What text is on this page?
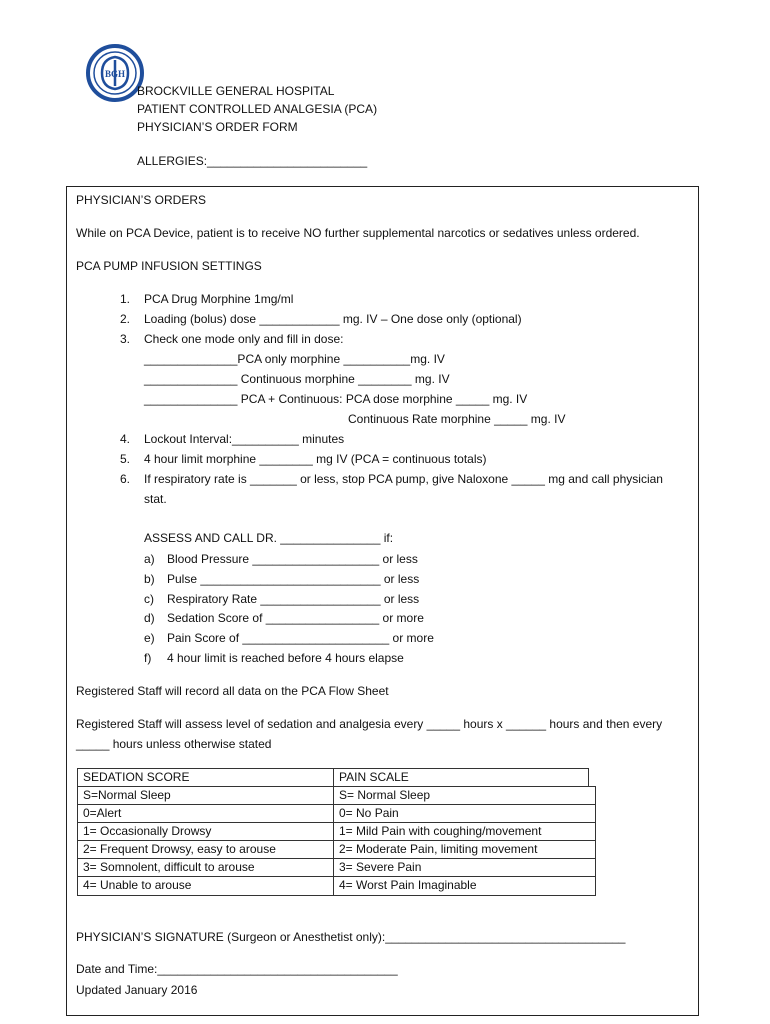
BGH
BROCKVILLE GENERAL HOSPITAL
PATIENT CONTROLLED ANALGESIA (PCA)
PHYSICIAN’S ORDER FORM
ALLERGIES:________________________
PHYSICIAN’S ORDERS
While on PCA Device, patient is to receive NO further supplemental narcotics or sedatives unless ordered.
PCA PUMP INFUSION SETTINGS
1. PCA Drug Morphine 1mg/ml
2. Loading (bolus) dose ____________ mg. IV – One dose only (optional)
3. Check one mode only and fill in dose:
______________PCA only morphine __________mg. IV
______________ Continuous morphine ________ mg. IV
______________ PCA + Continuous: PCA dose morphine _____ mg. IV
Continuous Rate morphine _____ mg. IV
4. Lockout Interval:__________ minutes
5. 4 hour limit morphine ________ mg IV (PCA = continuous totals)
6. If respiratory rate is _______ or less, stop PCA pump, give Naloxone _____ mg and call physician
stat.
ASSESS AND CALL DR. _______________ if:
a) Blood Pressure ___________________ or less
b) Pulse ___________________________ or less
c) Respiratory Rate __________________ or less
d) Sedation Score of _________________ or more
e) Pain Score of ______________________ or more
f) 4 hour limit is reached before 4 hours elapse
Registered Staff will record all data on the PCA Flow Sheet
Registered Staff will assess level of sedation and analgesia every _____ hours x ______ hours and then every
_____ hours unless otherwise stated
SEDATION SCORE	PAIN SCALE
S=Normal Sleep	S= Normal Sleep
0=Alert	0= No Pain
1= Occasionally Drowsy	1= Mild Pain with coughing/movement
2= Frequent Drowsy, easy to arouse	2= Moderate Pain, limiting movement
3= Somnolent, difficult to arouse	3= Severe Pain
4= Unable to arouse	4= Worst Pain Imaginable
PHYSICIAN’S SIGNATURE (Surgeon or Anesthetist only):____________________________________
Date and Time:____________________________________
Updated January 2016
